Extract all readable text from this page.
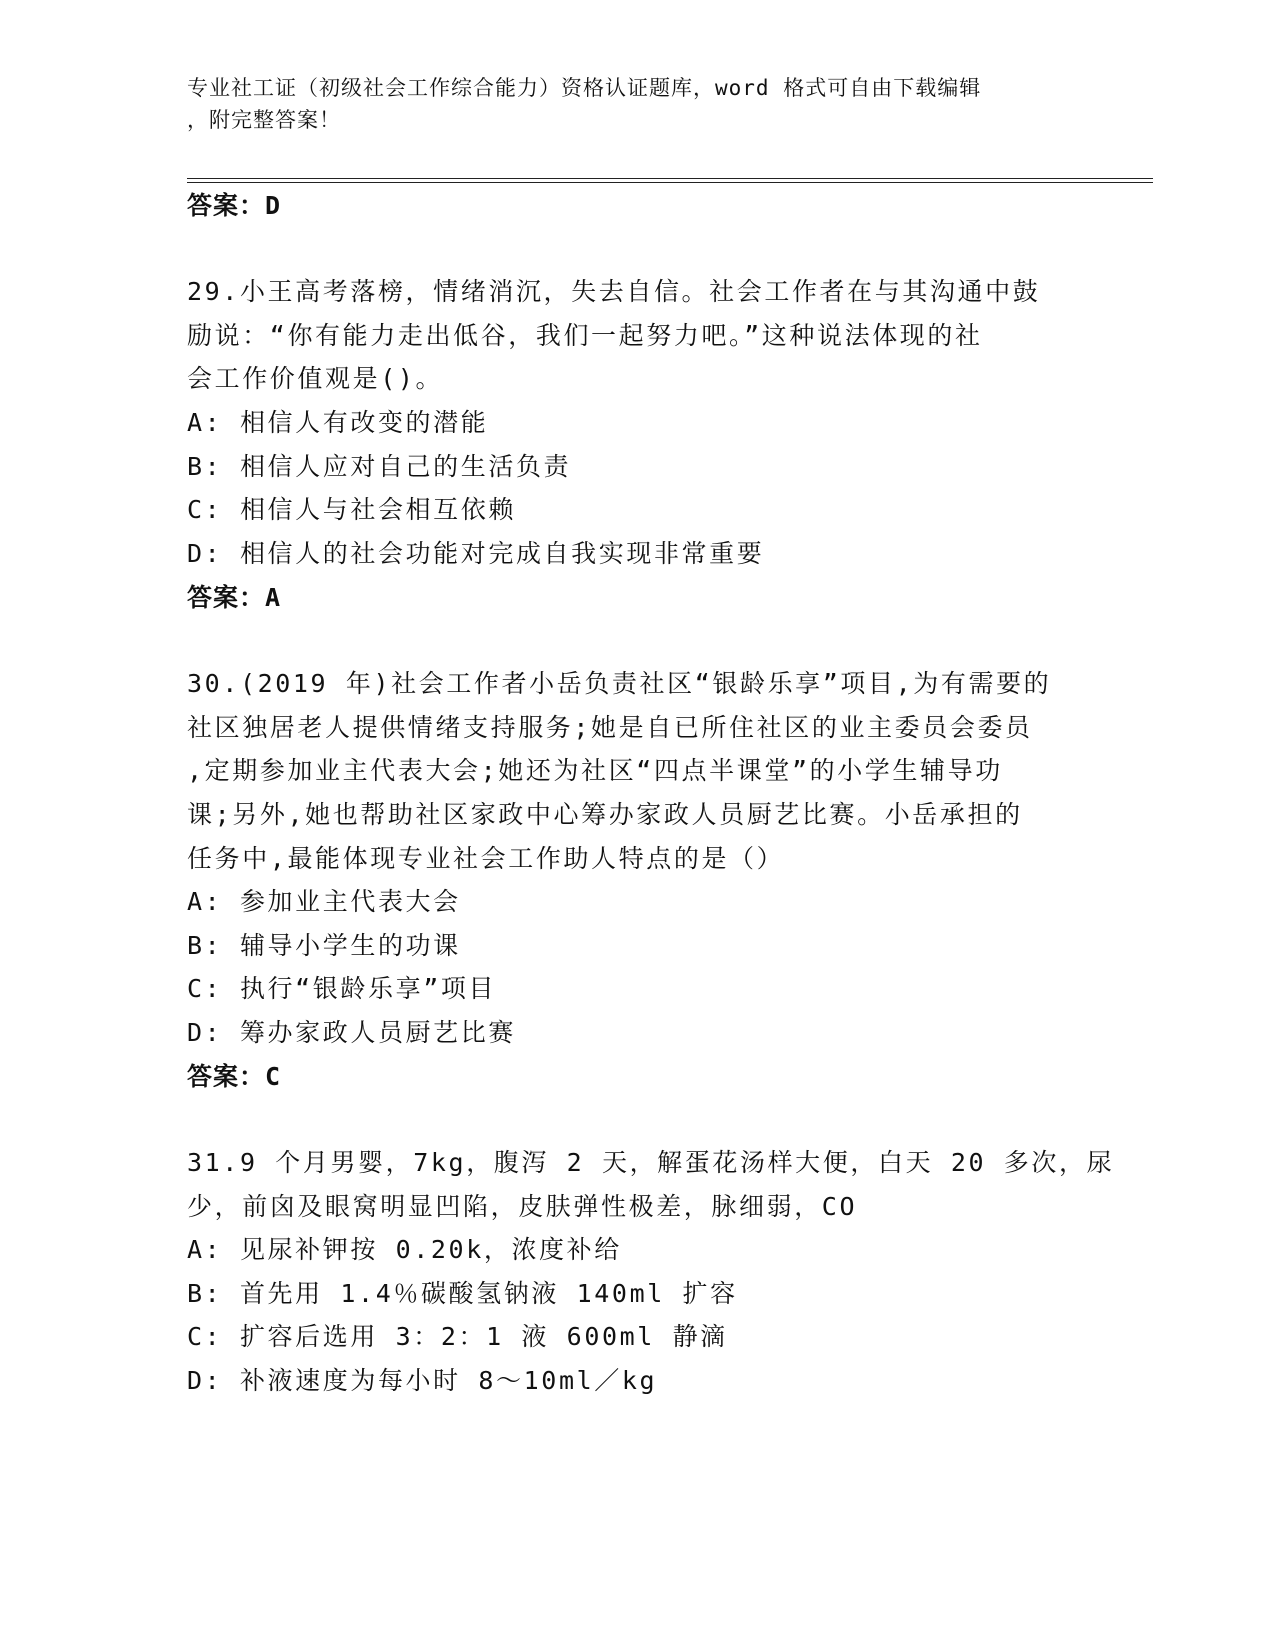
专业社工证（初级社会工作综合能力）资格认证题库，word 格式可自由下载编辑
，附完整答案！
答案：D
29.小王高考落榜，情绪消沉，失去自信。社会工作者在与其沟通中鼓
励说：“你有能力走出低谷，我们一起努力吧。”这种说法体现的社
会工作价值观是()。
A: 相信人有改变的潜能
B: 相信人应对自己的生活负责
C: 相信人与社会相互依赖
D: 相信人的社会功能对完成自我实现非常重要
答案：A
30.(2019 年)社会工作者小岳负责社区“银龄乐享”项目,为有需要的
社区独居老人提供情绪支持服务;她是自已所住社区的业主委员会委员
,定期参加业主代表大会;她还为社区“四点半课堂”的小学生辅导功
课;另外,她也帮助社区家政中心筹办家政人员厨艺比赛。小岳承担的
任务中,最能体现专业社会工作助人特点的是（）
A: 参加业主代表大会
B: 辅导小学生的功课
C: 执行“银龄乐享”项目
D: 筹办家政人员厨艺比赛
答案：C
31.9 个月男婴，7kg，腹泻 2 天，解蛋花汤样大便，白天 20 多次，尿
少，前囟及眼窝明显凹陷，皮肤弹性极差，脉细弱，CO
A: 见尿补钾按 0.20k，浓度补给
B: 首先用 1.4％碳酸氢钠液 140ml 扩容
C: 扩容后选用 3：2：1 液 600ml 静滴
D: 补液速度为每小时 8～10ml／kg
